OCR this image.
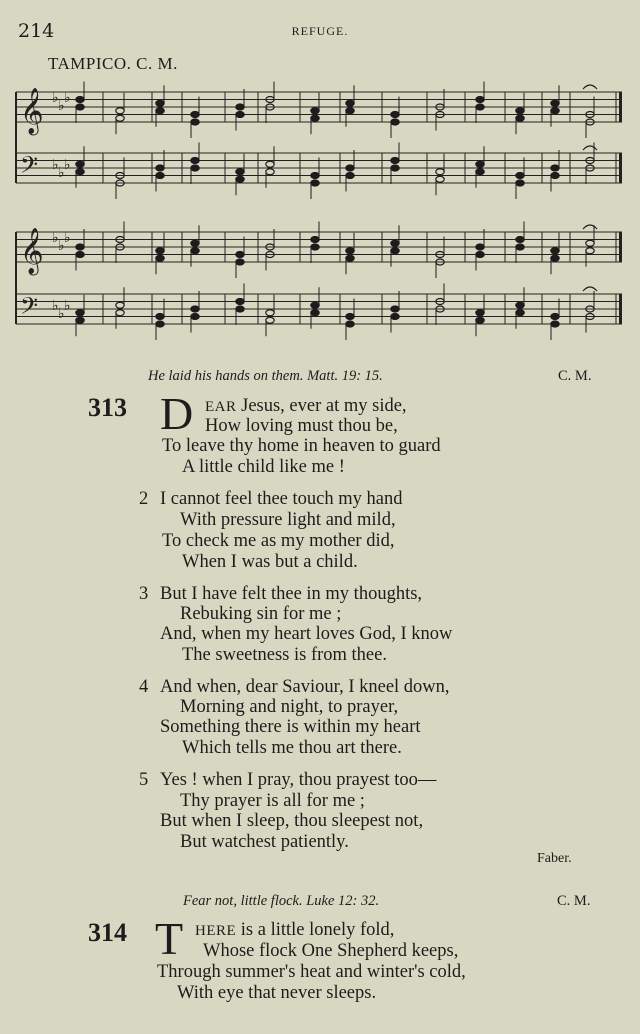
214	REFUGE.
TAMPICO. C. M.
𝄞 ♭ ♭ ♭
𝄢 ♭ ♭ ♭
𝄞 ♭ ♭ ♭
𝄢 ♭ ♭ ♭
He laid his hands on them. Matt. 19: 15.	C. M.
313 D EAR Jesus, ever at my side,
How loving must thou be,
To leave thy home in heaven to guard
A little child like me !
2 I cannot feel thee touch my hand
With pressure light and mild,
To check me as my mother did,
When I was but a child.
3 But I have felt thee in my thoughts,
Rebuking sin for me ;
And, when my heart loves God, I know
The sweetness is from thee.
4 And when, dear Saviour, I kneel down,
Morning and night, to prayer,
Something there is within my heart
Which tells me thou art there.
5 Yes ! when I pray, thou prayest too—
Thy prayer is all for me ;
But when I sleep, thou sleepest not,
But watchest patiently.
Faber.
Fear not, little flock. Luke 12: 32.	C. M.
314 T HERE is a little lonely fold,
Whose flock One Shepherd keeps,
Through summer's heat and winter's cold,
With eye that never sleeps.
